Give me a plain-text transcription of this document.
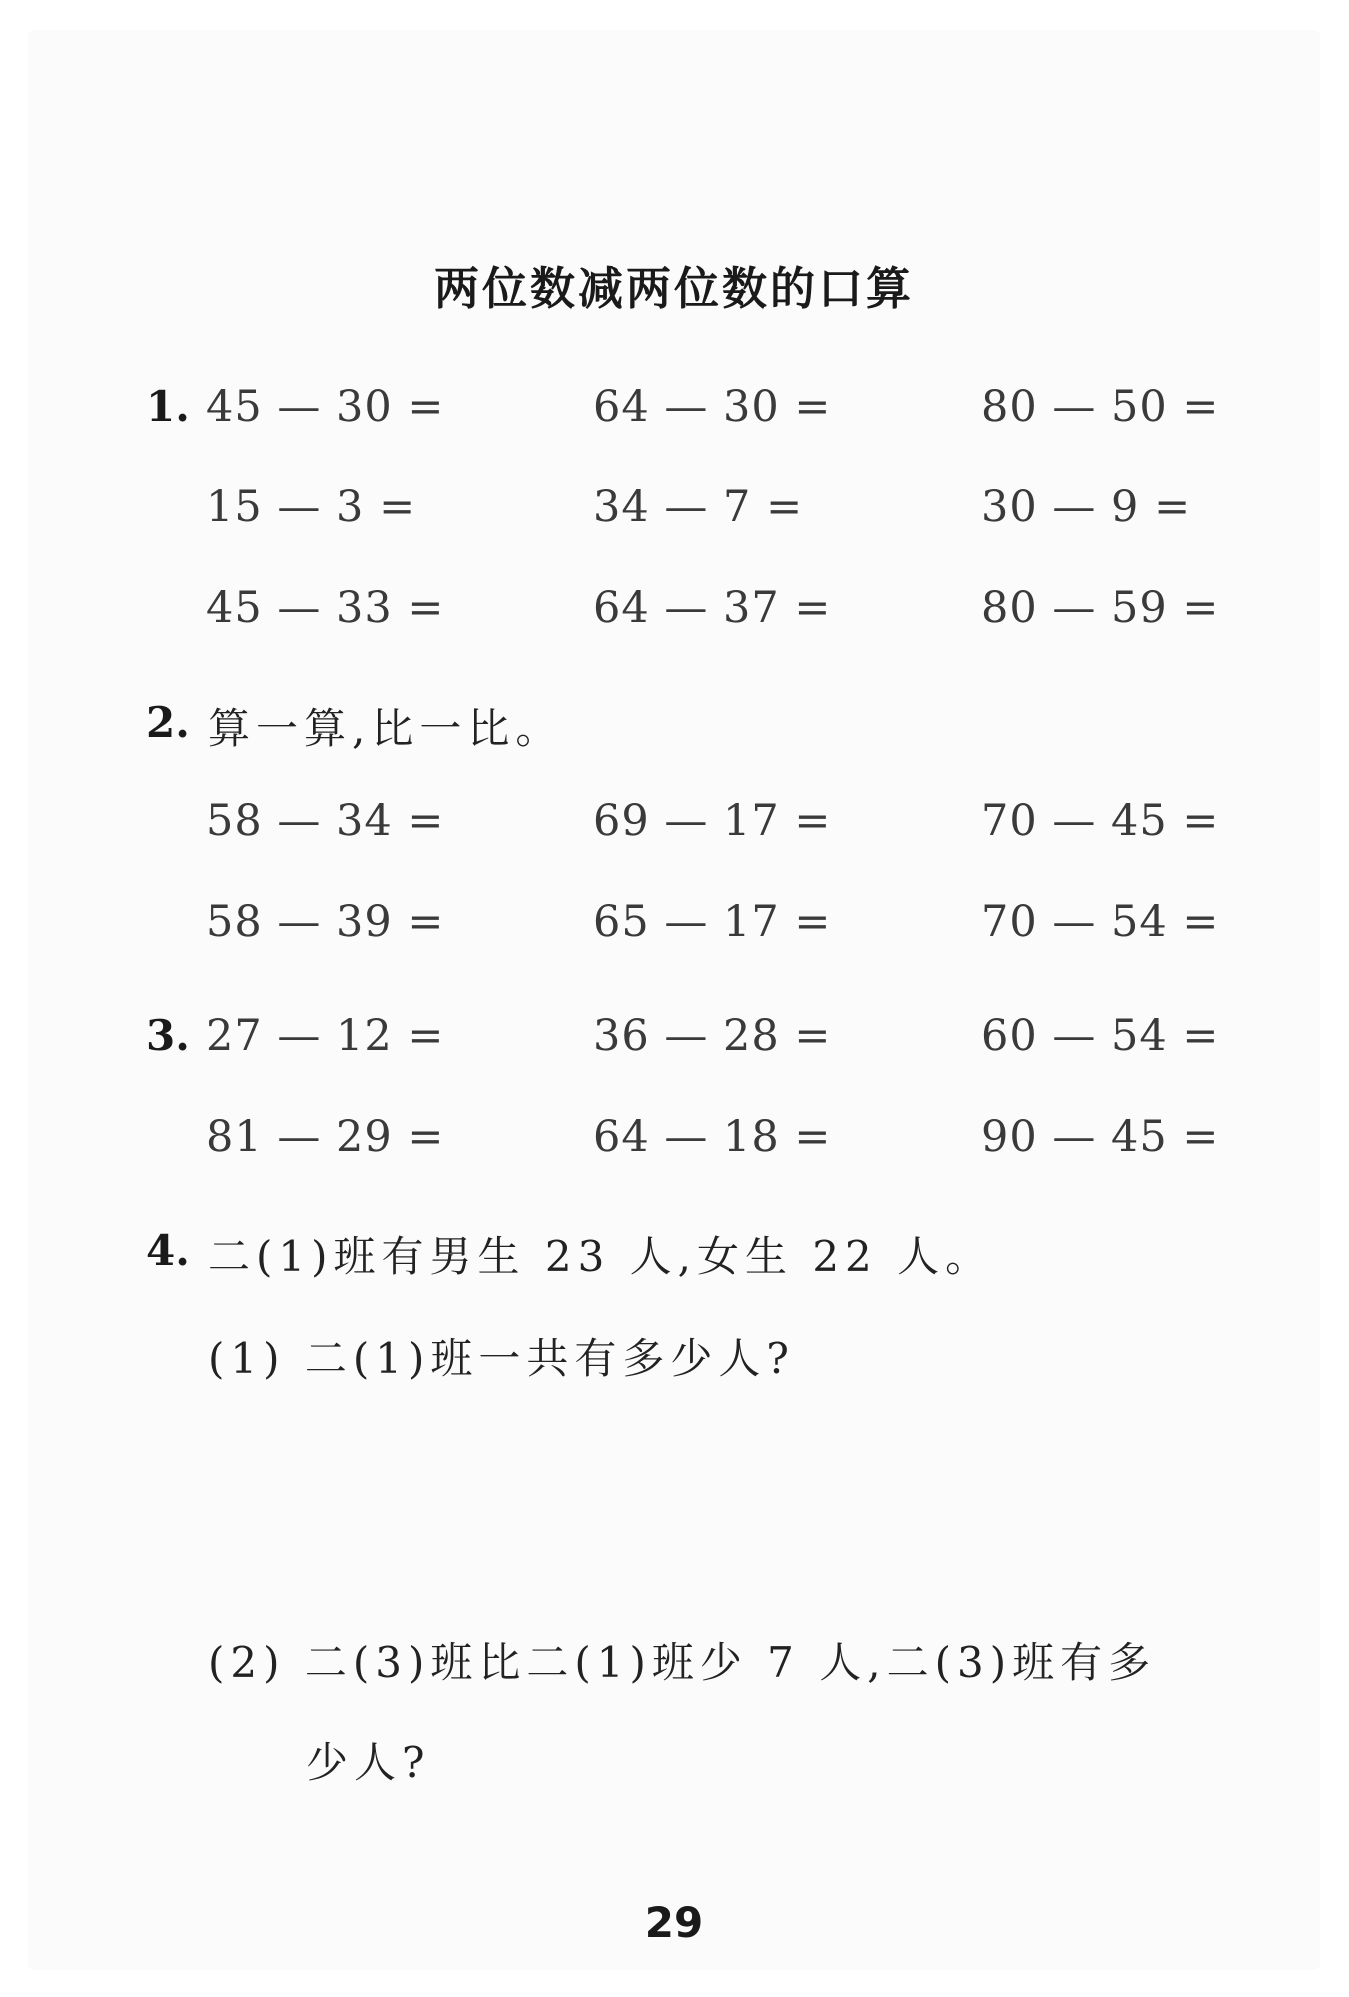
两位数减两位数的口算
1. 45 — 30 =	64 — 30 =	80 — 50 =
15 — 3 =	34 — 7 =	30 — 9 =
45 — 33 =	64 — 37 =	80 — 59 =
2. 算一算,比一比。
58 — 34 =	69 — 17 =	70 — 45 =
58 — 39 =	65 — 17 =	70 — 54 =
3. 27 — 12 =	36 — 28 =	60 — 54 =
81 — 29 =	64 — 18 =	90 — 45 =
4. 二(1)班有男生 23 人,女生 22 人。
(1) 二(1)班一共有多少人?
(2) 二(3)班比二(1)班少 7 人,二(3)班有多
少人?
29
